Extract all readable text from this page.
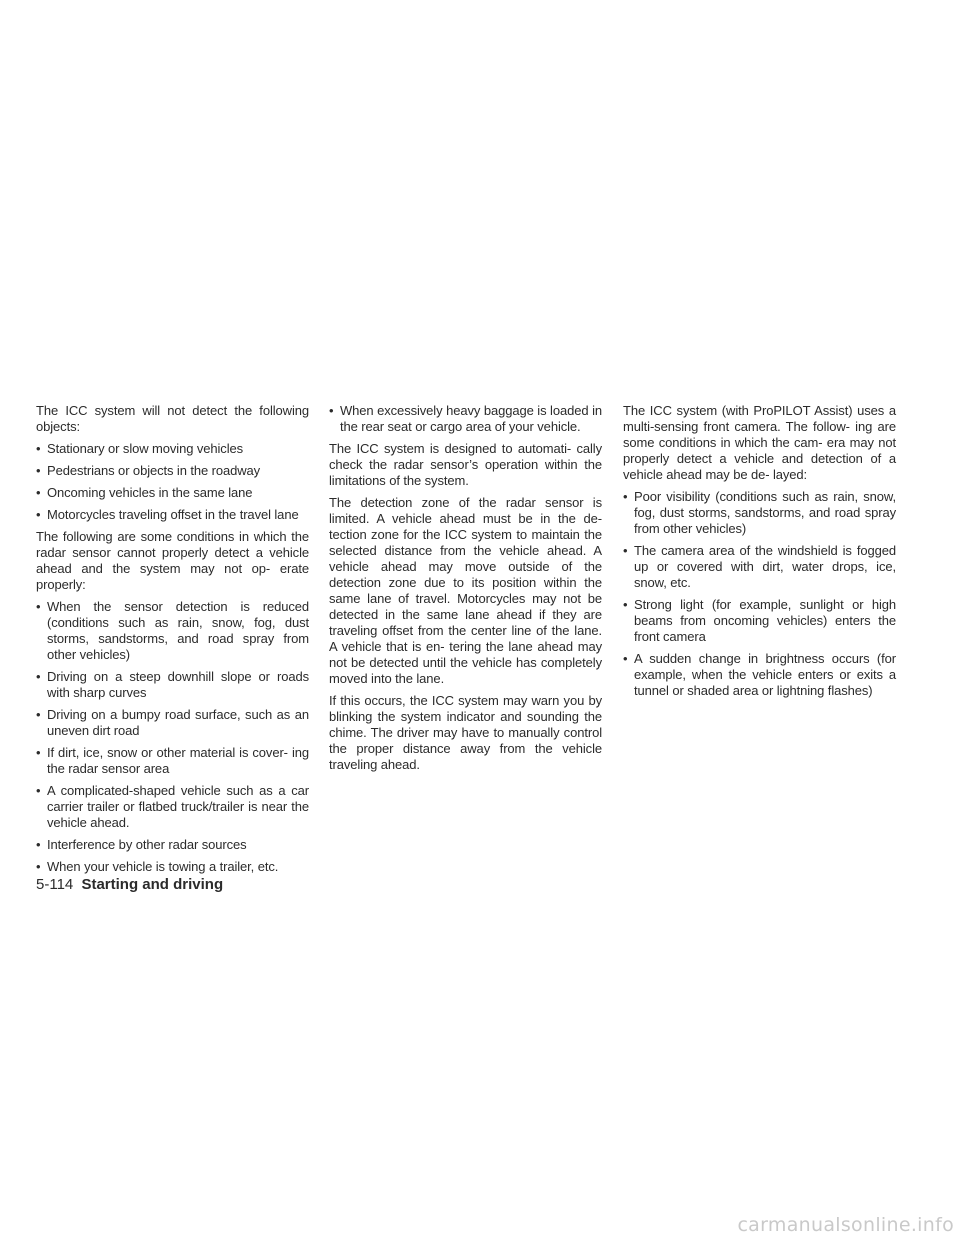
The ICC system will not detect the following objects:

• Stationary or slow moving vehicles
• Pedestrians or objects in the roadway
• Oncoming vehicles in the same lane
• Motorcycles traveling offset in the travel lane

The following are some conditions in which the radar sensor cannot properly detect a vehicle ahead and the system may not op- erate properly:

• When the sensor detection is reduced (conditions such as rain, snow, fog, dust storms, sandstorms, and road spray from other vehicles)
• Driving on a steep downhill slope or roads with sharp curves
• Driving on a bumpy road surface, such as an uneven dirt road
• If dirt, ice, snow or other material is cover- ing the radar sensor area
• A complicated-shaped vehicle such as a car carrier trailer or flatbed truck/trailer is near the vehicle ahead.
• Interference by other radar sources
• When your vehicle is towing a trailer, etc.
• When excessively heavy baggage is loaded in the rear seat or cargo area of your vehicle.

The ICC system is designed to automati- cally check the radar sensor’s operation within the limitations of the system.

The detection zone of the radar sensor is limited. A vehicle ahead must be in the de- tection zone for the ICC system to maintain the selected distance from the vehicle ahead. A vehicle ahead may move outside of the detection zone due to its position within the same lane of travel. Motorcycles may not be detected in the same lane ahead if they are traveling offset from the center line of the lane. A vehicle that is en- tering the lane ahead may not be detected until the vehicle has completely moved into the lane.

If this occurs, the ICC system may warn you by blinking the system indicator and sounding the chime. The driver may have to manually control the proper distance away from the vehicle traveling ahead.

The ICC system (with ProPILOT Assist) uses a multi-sensing front camera. The follow- ing are some conditions in which the cam- era may not properly detect a vehicle and detection of a vehicle ahead may be de- layed:

• Poor visibility (conditions such as rain, snow, fog, dust storms, sandstorms, and road spray from other vehicles)
• The camera area of the windshield is fogged up or covered with dirt, water drops, ice, snow, etc.
• Strong light (for example, sunlight or high beams from oncoming vehicles) enters the front camera
• A sudden change in brightness occurs (for example, when the vehicle enters or exits a tunnel or shaded area or lightning flashes)
5-114 Starting and driving
carmanualsonline.info
